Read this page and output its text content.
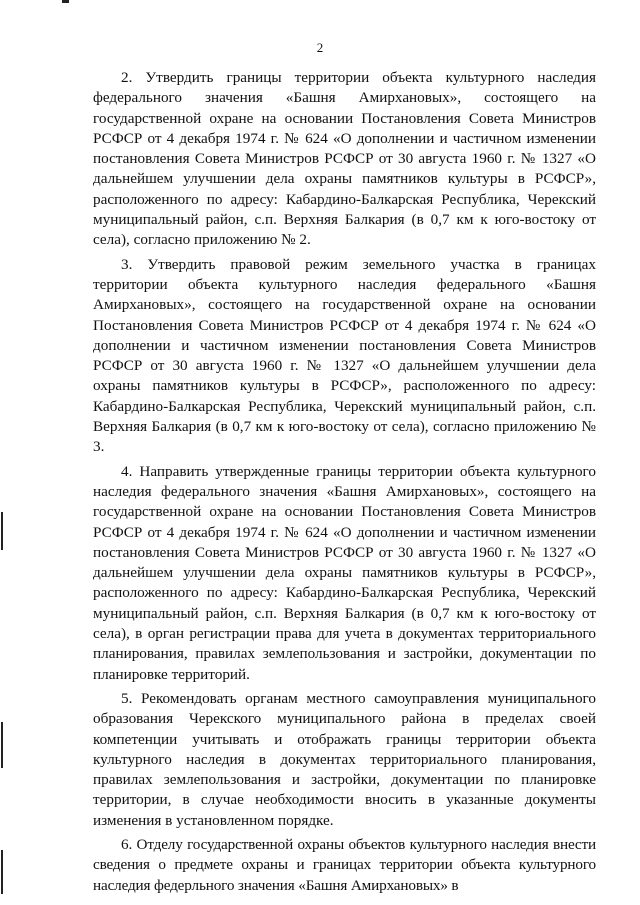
2

2. Утвердить границы территории объекта культурного наследия федерального значения «Башня Амирхановых», состоящего на государственной охране на основании Постановления Совета Министров РСФСР от 4 декабря 1974 г. № 624 «О дополнении и частичном изменении постановления Совета Министров РСФСР от 30 августа 1960 г. № 1327 «О дальнейшем улучшении дела охраны памятников культуры в РСФСР», расположенного по адресу: Кабардино-Балкарская Республика, Черекский муниципальный район, с.п. Верхняя Балкария (в 0,7 км к юго-востоку от села), согласно приложению № 2.

3. Утвердить правовой режим земельного участка в границах территории объекта культурного наследия федерального «Башня Амирхановых», состоящего на государственной охране на основании Постановления Совета Министров РСФСР от 4 декабря 1974 г. № 624 «О дополнении и частичном изменении постановления Совета Министров РСФСР от 30 августа 1960 г. № 1327 «О дальнейшем улучшении дела охраны памятников культуры в РСФСР», расположенного по адресу: Кабардино-Балкарская Республика, Черекский муниципальный район, с.п. Верхняя Балкария (в 0,7 км к юго-востоку от села), согласно приложению № 3.

4. Направить утвержденные границы территории объекта культурного наследия федерального значения «Башня Амирхановых», состоящего на государственной охране на основании Постановления Совета Министров РСФСР от 4 декабря 1974 г. № 624 «О дополнении и частичном изменении постановления Совета Министров РСФСР от 30 августа 1960 г. № 1327 «О дальнейшем улучшении дела охраны памятников культуры в РСФСР», расположенного по адресу: Кабардино-Балкарская Республика, Черекский муниципальный район, с.п. Верхняя Балкария (в 0,7 км к юго-востоку от села), в орган регистрации права для учета в документах территориального планирования, правилах землепользования и застройки, документации по планировке территорий.

5. Рекомендовать органам местного самоуправления муниципального образования Черекского муниципального района в пределах своей компетенции учитывать и отображать границы территории объекта культурного наследия в документах территориального планирования, правилах землепользования и застройки, документации по планировке территории, в случае необходимости вносить в указанные документы изменения в установленном порядке.

6. Отделу государственной охраны объектов культурного наследия внести сведения о предмете охраны и границах территории объекта культурного наследия федерльного значения «Башня Амирхановых» в
